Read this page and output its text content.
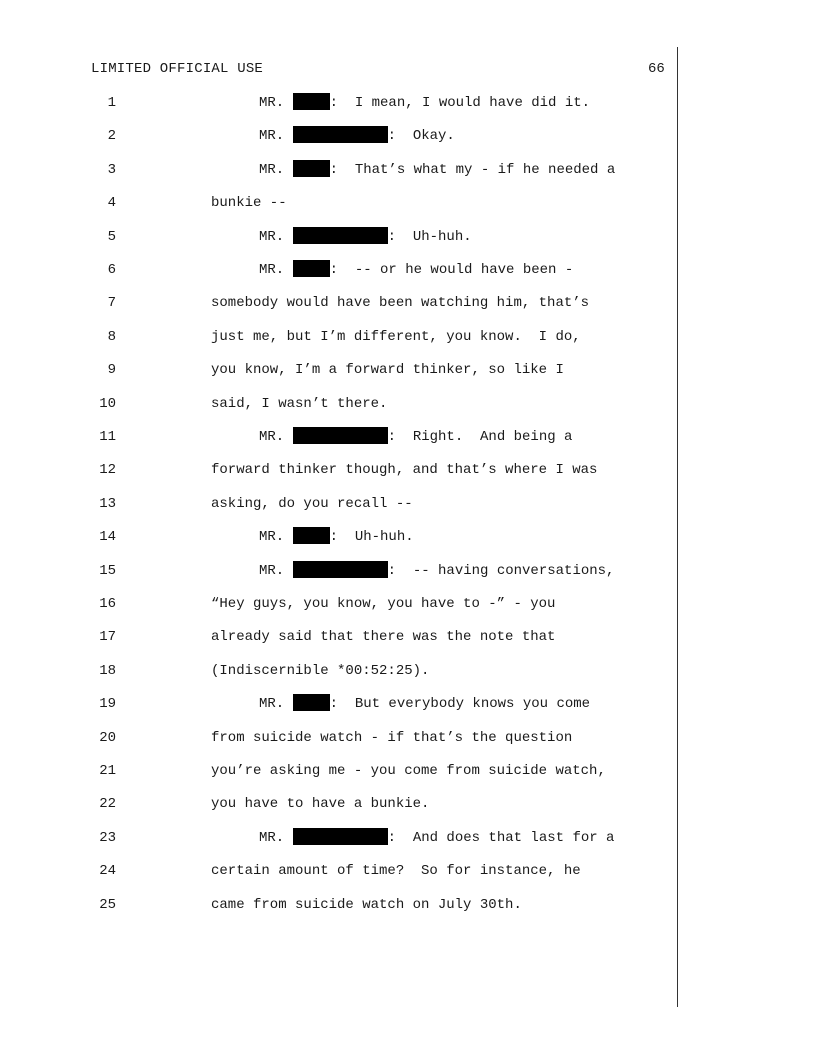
LIMITED OFFICIAL USE	66
1	MR.	:  I mean, I would have did it.
2	MR.	:  Okay.
3	MR.	:  That’s what my - if he needed a
4	bunkie --
5	MR.	:  Uh-huh.
6	MR.	:  -- or he would have been -
7	somebody would have been watching him, that’s
8	just me, but I’m different, you know.  I do,
9	you know, I’m a forward thinker, so like I
10	said, I wasn’t there.
11	MR.	:  Right.  And being a
12	forward thinker though, and that’s where I was
13	asking, do you recall --
14	MR.	:  Uh-huh.
15	MR.	:  -- having conversations,
16	“Hey guys, you know, you have to -” - you
17	already said that there was the note that
18	(Indiscernible *00:52:25).
19	MR.	:  But everybody knows you come
20	from suicide watch - if that’s the question
21	you’re asking me - you come from suicide watch,
22	you have to have a bunkie.
23	MR.	:  And does that last for a
24	certain amount of time?  So for instance, he
25	came from suicide watch on July 30th.
